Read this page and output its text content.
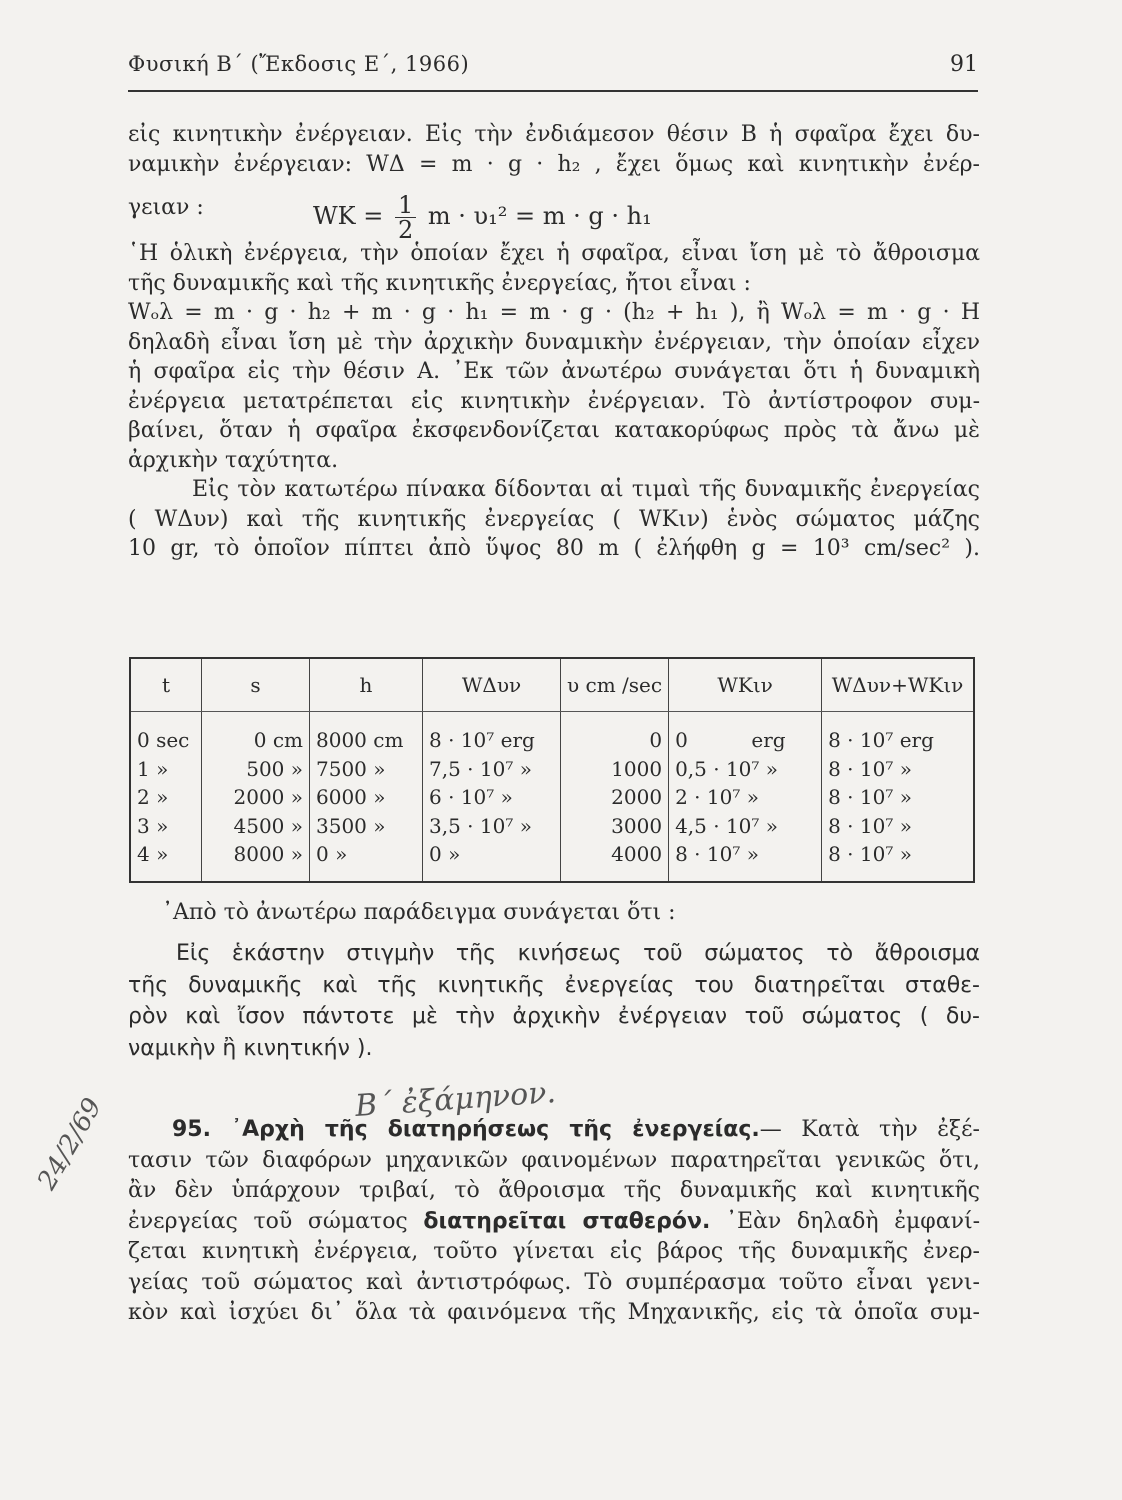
Φυσική Β΄ (Ἔκδοσις Ε΄, 1966)	91
εἰς κινητικὴν ἐνέργειαν. Εἰς τὴν ἐνδιάμεσον θέσιν Β ἡ σφαῖρα ἔχει δυ-
ναμικὴν ἐνέργειαν: WΔ = m · g · h₂ , ἔχει ὅμως καὶ κινητικὴν ἐνέρ-
γειαν :	$WK = \frac{1}{2}$ m · υ₁² = m · g · h₁
῾Η ὁλικὴ ἐνέργεια, τὴν ὁποίαν ἔχει ἡ σφαῖρα, εἶναι ἴση μὲ τὸ ἄθροισμα
τῆς δυναμικῆς καὶ τῆς κινητικῆς ἐνεργείας, ἤτοι εἶναι :
Wₒλ = m · g · h₂ + m · g · h₁ = m · g · (h₂ + h₁ ), ἢ Wₒλ = m · g · H
δηλαδὴ εἶναι ἴση μὲ τὴν ἀρχικὴν δυναμικὴν ἐνέργειαν, τὴν ὁποίαν εἶχεν
ἡ σφαῖρα εἰς τὴν θέσιν Α. ᾿Εκ τῶν ἀνωτέρω συνάγεται ὅτι ἡ δυναμικὴ
ἐνέργεια μετατρέπεται εἰς κινητικὴν ἐνέργειαν. Τὸ ἀντίστροφον συμ-
βαίνει, ὅταν ἡ σφαῖρα ἐκσφενδονίζεται κατακορύφως πρὸς τὰ ἄνω μὲ
ἀρχικὴν ταχύτητα.
Εἰς τὸν κατωτέρω πίνακα δίδονται αἱ τιμαὶ τῆς δυναμικῆς ἐνεργείας
( WΔυν) καὶ τῆς κινητικῆς ἐνεργείας ( WΚιν) ἑνὸς σώματος μάζης
10 gr, τὸ ὁποῖον πίπτει ἀπὸ ὕψος 80 m ( ἐλήφθη g = 10³ cm/sec² ).
t	s	h	WΔυν	υ cm /sec	WΚιν	WΔυν+WΚιν
0 sec	0 cm	8000 cm	8 · 10⁷ erg	0	0          erg	8 · 10⁷ erg
1 »	500 »	7500 »	7,5 · 10⁷ »	1000	0,5 · 10⁷ »	8 · 10⁷ »
2 »	2000 »	6000 »	6 · 10⁷ »	2000	2 · 10⁷ »	8 · 10⁷ »
3 »	4500 »	3500 »	3,5 · 10⁷ »	3000	4,5 · 10⁷ »	8 · 10⁷ »
4 »	8000 »	0 »	0 »	4000	8 · 10⁷ »	8 · 10⁷ »
᾿Απὸ τὸ ἀνωτέρω παράδειγμα συνάγεται ὅτι :
Εἰς ἑκάστην στιγμὴν τῆς κινήσεως τοῦ σώματος τὸ ἄθροισμα
τῆς δυναμικῆς καὶ τῆς κινητικῆς ἐνεργείας του διατηρεῖται σταθε-
ρὸν καὶ ἴσον πάντοτε μὲ τὴν ἀρχικὴν ἐνέργειαν τοῦ σώματος ( δυ-
ναμικὴν ἢ κινητικήν ).
Β΄ ἐξάμηνον.
24/2/69	95. ᾿Αρχὴ τῆς διατηρήσεως τῆς ἐνεργείας.— Κατὰ τὴν ἐξέ-
τασιν τῶν διαφόρων μηχανικῶν φαινομένων παρατηρεῖται γενικῶς ὅτι,
ἂν δὲν ὑπάρχουν τριβαί, τὸ ἄθροισμα τῆς δυναμικῆς καὶ κινητικῆς
ἐνεργείας τοῦ σώματος διατηρεῖται σταθερόν. ᾿Εὰν δηλαδὴ ἐμφανί-
ζεται κινητικὴ ἐνέργεια, τοῦτο γίνεται εἰς βάρος τῆς δυναμικῆς ἐνερ-
γείας τοῦ σώματος καὶ ἀντιστρόφως. Τὸ συμπέρασμα τοῦτο εἶναι γενι-
κὸν καὶ ἰσχύει δι᾿ ὅλα τὰ φαινόμενα τῆς Μηχανικῆς, εἰς τὰ ὁποῖα συμ-
